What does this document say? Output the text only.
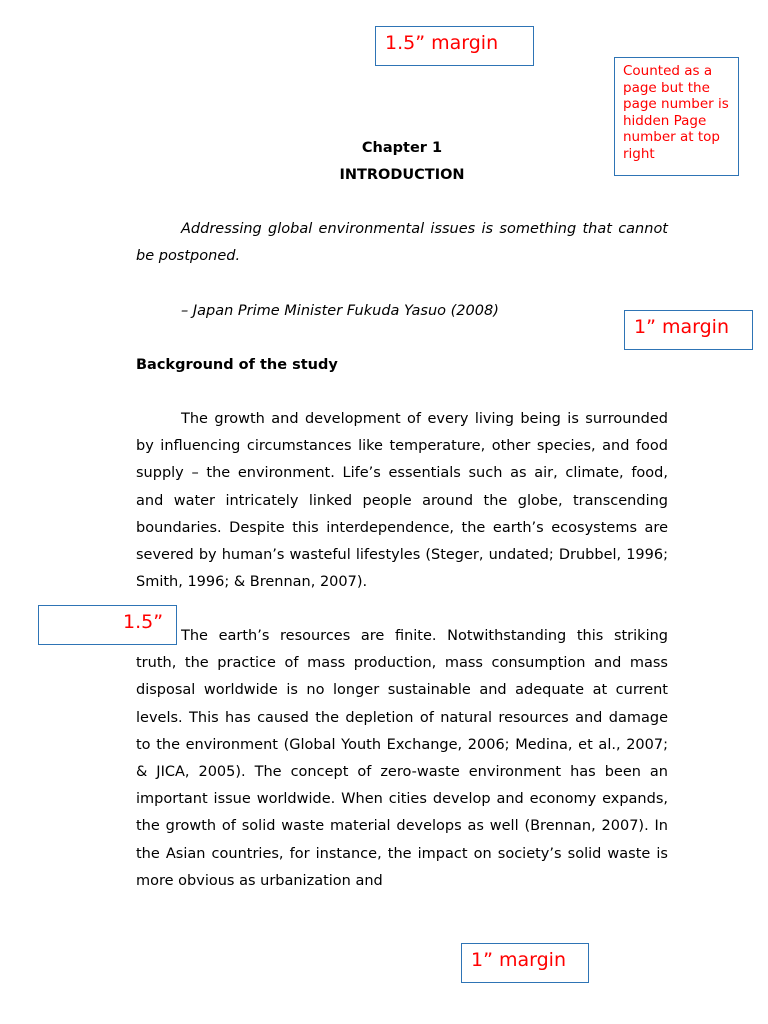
1.5” margin
Counted as a page but the page number is hidden Page number at top right
Chapter 1
INTRODUCTION
Addressing global environmental issues is something that cannot be postponed.
– Japan Prime Minister Fukuda Yasuo (2008)
1” margin
Background of the study
The growth and development of every living being is surrounded by influencing circumstances like temperature, other species, and food supply – the environment. Life’s essentials such as air, climate, food, and water intricately linked people around the globe, transcending boundaries. Despite this interdependence, the earth’s ecosystems are severed by human’s wasteful lifestyles (Steger, undated; Drubbel, 1996; Smith, 1996; & Brennan, 2007).
1.5”
The earth’s resources are finite. Notwithstanding this striking truth, the practice of mass production, mass consumption and mass disposal worldwide is no longer sustainable and adequate at current levels. This has caused the depletion of natural resources and damage to the environment (Global Youth Exchange, 2006; Medina, et al., 2007; & JICA, 2005). The concept of zero-waste environment has been an important issue worldwide. When cities develop and economy expands, the growth of solid waste material develops as well (Brennan, 2007). In the Asian countries, for instance, the impact on society’s solid waste is more obvious as urbanization and
1” margin
